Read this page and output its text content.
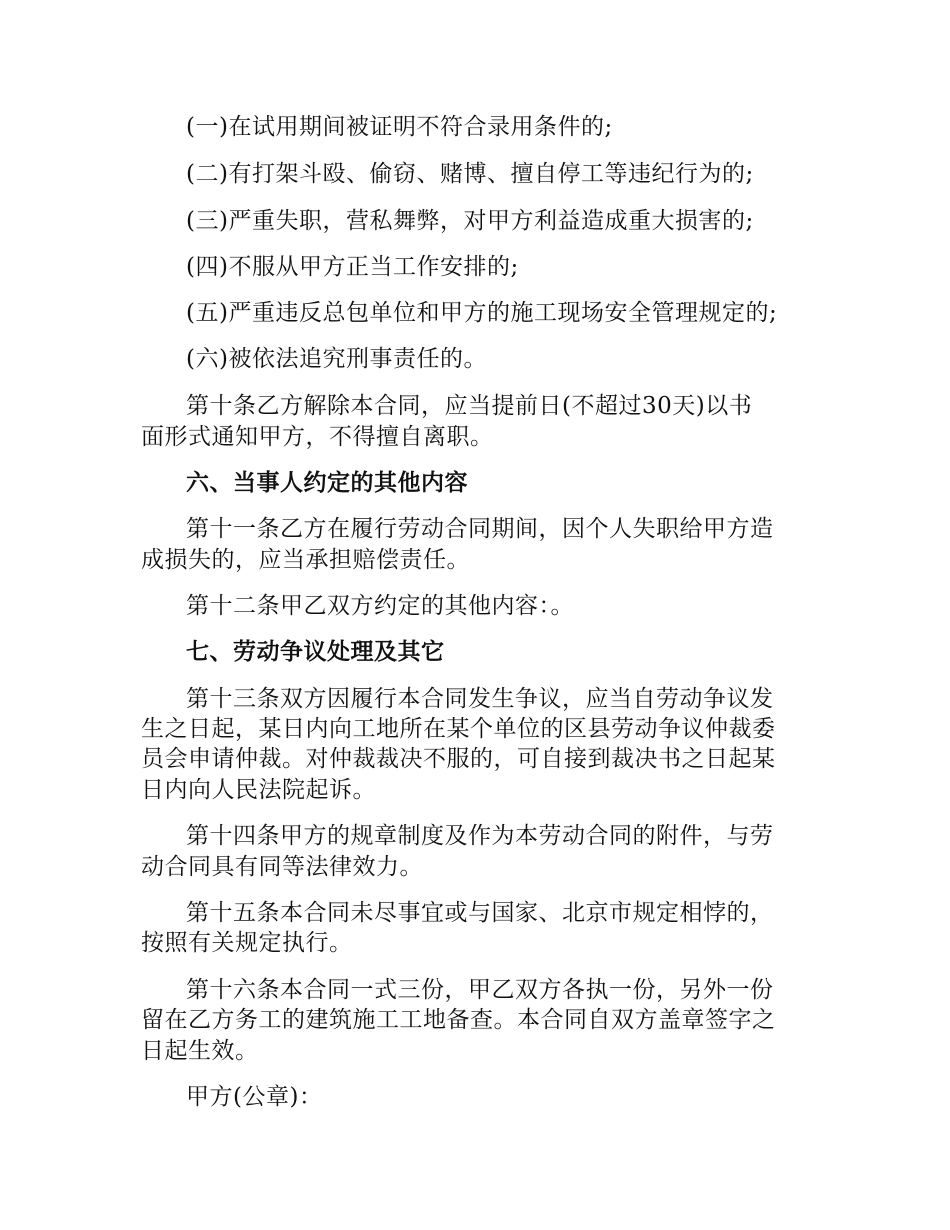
(一)在试用期间被证明不符合录用条件的;
(二)有打架斗殴、偷窃、赌博、擅自停工等违纪行为的;
(三)严重失职，营私舞弊，对甲方利益造成重大损害的;
(四)不服从甲方正当工作安排的;
(五)严重违反总包单位和甲方的施工现场安全管理规定的;
(六)被依法追究刑事责任的。
第十条乙方解除本合同，应当提前日(不超过30天)以书
面形式通知甲方，不得擅自离职。
六、当事人约定的其他内容
第十一条乙方在履行劳动合同期间，因个人失职给甲方造
成损失的，应当承担赔偿责任。
第十二条甲乙双方约定的其他内容：。
七、劳动争议处理及其它
第十三条双方因履行本合同发生争议，应当自劳动争议发
生之日起，某日内向工地所在某个单位的区县劳动争议仲裁委
员会申请仲裁。对仲裁裁决不服的，可自接到裁决书之日起某
日内向人民法院起诉。
第十四条甲方的规章制度及作为本劳动合同的附件，与劳
动合同具有同等法律效力。
第十五条本合同未尽事宜或与国家、北京市规定相悖的，
按照有关规定执行。
第十六条本合同一式三份，甲乙双方各执一份，另外一份
留在乙方务工的建筑施工工地备查。本合同自双方盖章签字之
日起生效。
甲方(公章)：
